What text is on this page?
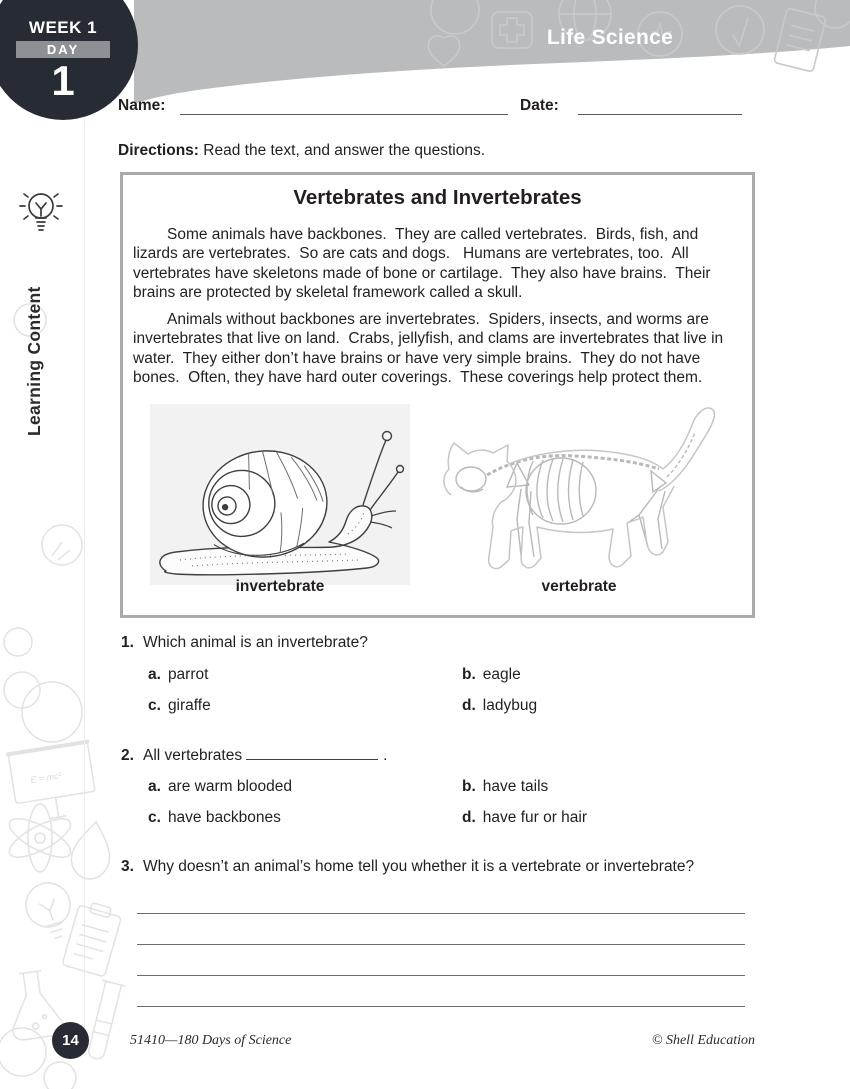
E = mc²
Life Science
WEEK 1
DAY
1
Learning Content
Name:	Date:
Directions: Read the text, and answer the questions.
Vertebrates and Invertebrates
Some animals have backbones.  They are called vertebrates.  Birds, fish, and lizards are vertebrates.  So are cats and dogs.   Humans are vertebrates, too.  All vertebrates have skeletons made of bone or cartilage.  They also have brains.  Their brains are protected by skeletal framework called a skull.
Animals without backbones are invertebrates.  Spiders, insects, and worms are invertebrates that live on land.  Crabs, jellyfish, and clams are invertebrates that live in water.  They either don’t have brains or have very simple brains.  They do not have bones.  Often, they have hard outer coverings.  These coverings help protect them.
invertebrate	vertebrate
1. Which animal is an invertebrate?
a. parrot	b. eagle
c. giraffe	d. ladybug
2. All vertebrates	.
a. are warm blooded	b. have tails
c. have backbones	d. have fur or hair
3. Why doesn’t an animal’s home tell you whether it is a vertebrate or invertebrate?
14	51410—180 Days of Science	© Shell Education
